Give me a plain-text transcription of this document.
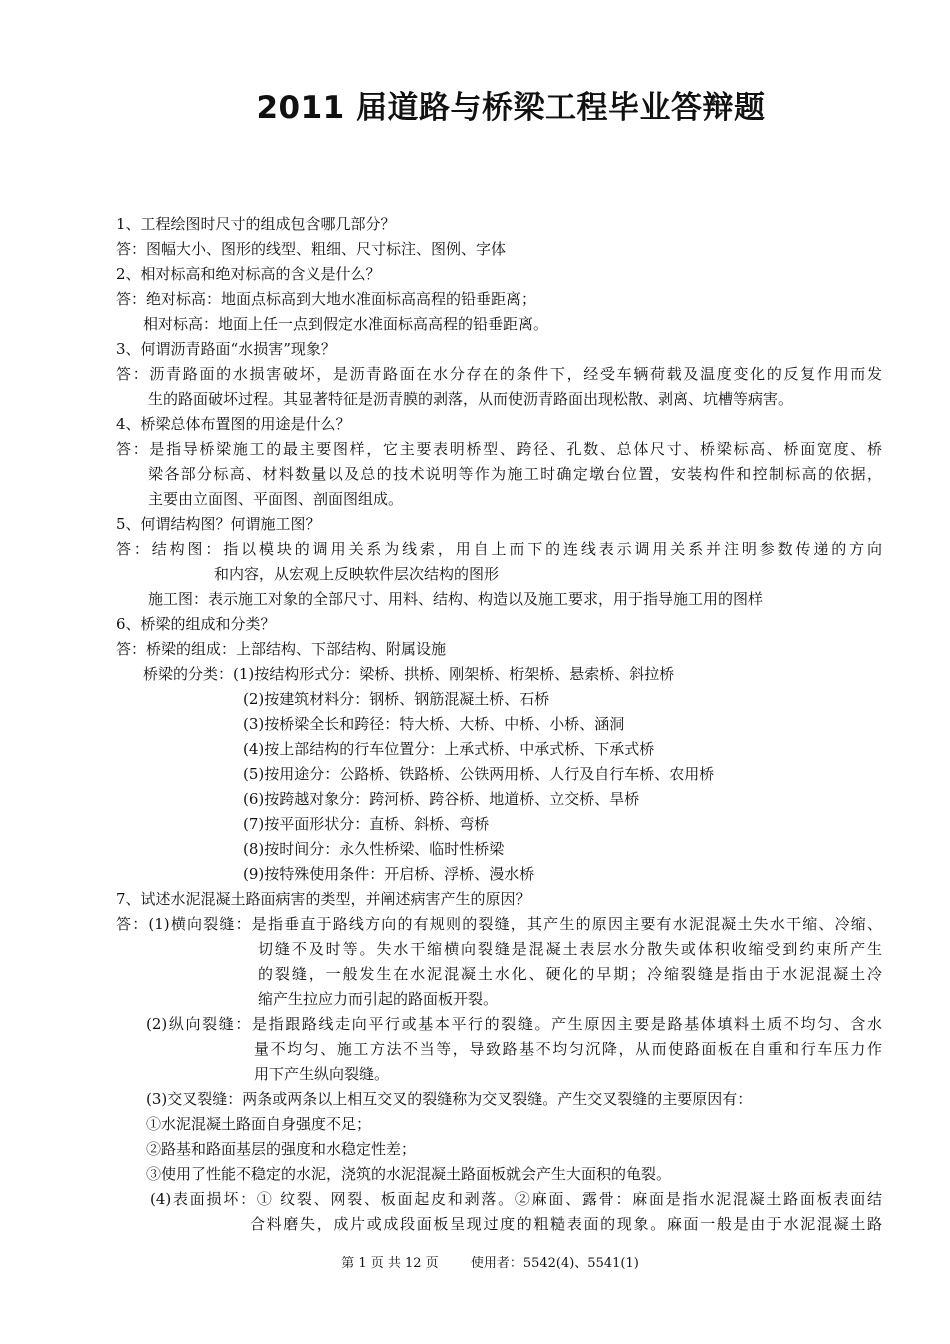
2011 届道路与桥梁工程毕业答辩题
1、工程绘图时尺寸的组成包含哪几部分？
答：图幅大小、图形的线型、粗细、尺寸标注、图例、字体
2、相对标高和绝对标高的含义是什么？
答：绝对标高：地面点标高到大地水准面标高高程的铅垂距离；
相对标高：地面上任一点到假定水准面标高高程的铅垂距离。
3、何谓沥青路面“水损害”现象？
答：沥青路面的水损害破坏，是沥青路面在水分存在的条件下，经受车辆荷载及温度变化的反复作用而发
生的路面破坏过程。其显著特征是沥青膜的剥落，从而使沥青路面出现松散、剥离、坑槽等病害。
4、桥梁总体布置图的用途是什么？
答：是指导桥梁施工的最主要图样，它主要表明桥型、跨径、孔数、总体尺寸、桥梁标高、桥面宽度、桥
梁各部分标高、材料数量以及总的技术说明等作为施工时确定墩台位置，安装构件和控制标高的依据，
主要由立面图、平面图、剖面图组成。
5、何谓结构图？何谓施工图？
答：结构图：指以模块的调用关系为线索，用自上而下的连线表示调用关系并注明参数传递的方向
和内容，从宏观上反映软件层次结构的图形
施工图：表示施工对象的全部尺寸、用料、结构、构造以及施工要求，用于指导施工用的图样
6、桥梁的组成和分类？
答：桥梁的组成：上部结构、下部结构、附属设施
桥梁的分类：(1)按结构形式分：梁桥、拱桥、刚架桥、桁架桥、悬索桥、斜拉桥
(2)按建筑材料分：钢桥、钢筋混凝土桥、石桥
(3)按桥梁全长和跨径：特大桥、大桥、中桥、小桥、涵洞
(4)按上部结构的行车位置分：上承式桥、中承式桥、下承式桥
(5)按用途分：公路桥、铁路桥、公铁两用桥、人行及自行车桥、农用桥
(6)按跨越对象分：跨河桥、跨谷桥、地道桥、立交桥、旱桥
(7)按平面形状分：直桥、斜桥、弯桥
(8)按时间分：永久性桥梁、临时性桥梁
(9)按特殊使用条件：开启桥、浮桥、漫水桥
7、试述水泥混凝土路面病害的类型，并阐述病害产生的原因？
答：(1)横向裂缝：是指垂直于路线方向的有规则的裂缝，其产生的原因主要有水泥混凝土失水干缩、冷缩、
切缝不及时等。失水干缩横向裂缝是混凝土表层水分散失或体积收缩受到约束所产生
的裂缝，一般发生在水泥混凝土水化、硬化的早期；冷缩裂缝是指由于水泥混凝土冷
缩产生拉应力而引起的路面板开裂。
(2)纵向裂缝：是指跟路线走向平行或基本平行的裂缝。产生原因主要是路基体填料土质不均匀、含水
量不均匀、施工方法不当等，导致路基不均匀沉降，从而使路面板在自重和行车压力作
用下产生纵向裂缝。
(3)交叉裂缝：两条或两条以上相互交叉的裂缝称为交叉裂缝。产生交叉裂缝的主要原因有：
①水泥混凝土路面自身强度不足；
②路基和路面基层的强度和水稳定性差；
③使用了性能不稳定的水泥，浇筑的水泥混凝土路面板就会产生大面积的龟裂。
(4)表面损坏：① 纹裂、网裂、板面起皮和剥落。②麻面、露骨：麻面是指水泥混凝土路面板表面结
合料磨失，成片或成段面板呈现过度的粗糙表面的现象。麻面一般是由于水泥混凝土路
第 1 页 共 12 页 使用者：5542(4)、5541(1)
